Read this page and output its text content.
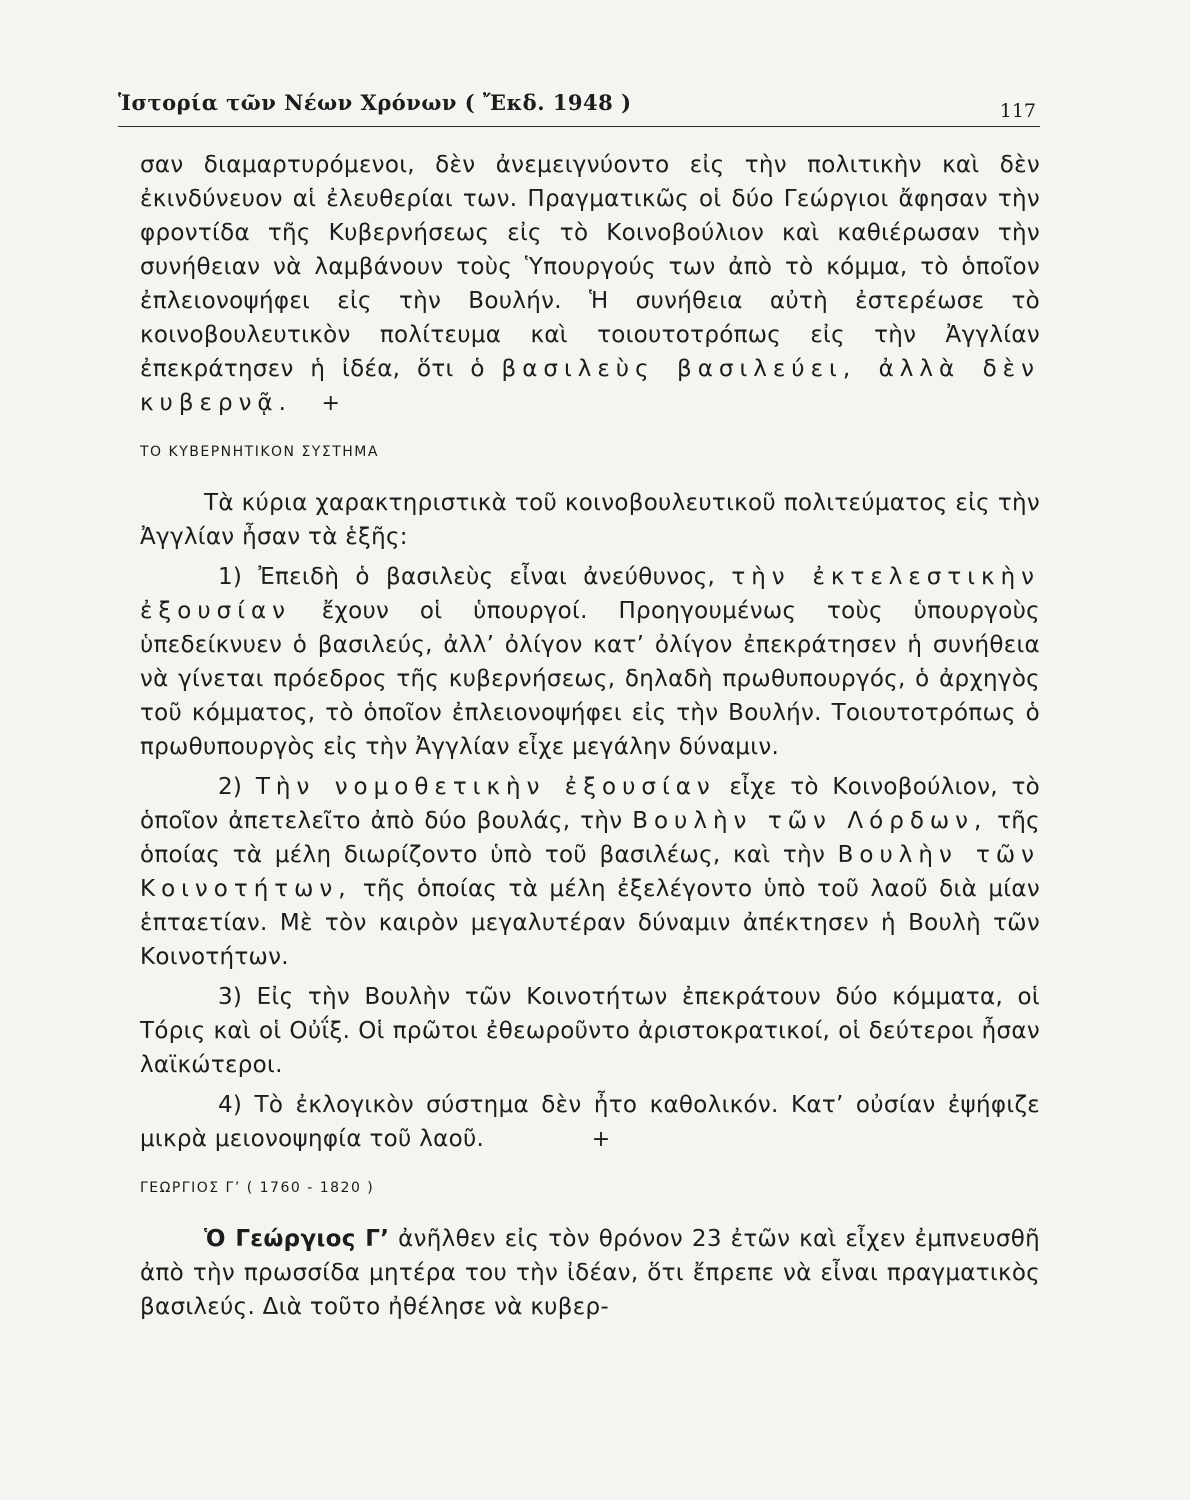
Ἱστορία τῶν Νέων Χρόνων ( Ἔκδ. 1948 )	117

σαν διαμαρτυρόμενοι, δὲν ἀνεμειγνύοντο εἰς τὴν πολιτικὴν καὶ δὲν ἐκινδύνευον αἱ ἐλευθερίαι των. Πραγματικῶς οἱ δύο Γεώργιοι ἄφησαν τὴν φροντίδα τῆς Κυβερνήσεως εἰς τὸ Κοινοβούλιον καὶ καθιέρωσαν τὴν συνήθειαν νὰ λαμβάνουν τοὺς Ὑπουργούς των ἀπὸ τὸ κόμμα, τὸ ὁποῖον ἐπλειονοψήφει εἰς τὴν Βουλήν. Ἡ συνήθεια αὐτὴ ἐστερέωσε τὸ κοινοβουλευτικὸν πολίτευμα καὶ τοιουτοτρόπως εἰς τὴν Ἀγγλίαν ἐπεκράτησεν ἡ ἰδέα, ὅτι ὁ βασιλεὺς βασιλεύει, ἀλλὰ δὲν κυβερνᾷ. +

ΤΟ ΚΥΒΕΡΝΗΤΙΚΟΝ ΣΥΣΤΗΜΑ

Τὰ κύρια χαρακτηριστικὰ τοῦ κοινοβουλευτικοῦ πολιτεύματος εἰς τὴν Ἀγγλίαν ἦσαν τὰ ἑξῆς:

1) Ἐπειδὴ ὁ βασιλεὺς εἶναι ἀνεύθυνος, τὴν ἐκτελεστικὴν ἐξουσίαν ἔχουν οἱ ὑπουργοί. Προηγουμένως τοὺς ὑπουργοὺς ὑπεδείκνυεν ὁ βασιλεύς, ἀλλ’ ὀλίγον κατ’ ὀλίγον ἐπεκράτησεν ἡ συνήθεια νὰ γίνεται πρόεδρος τῆς κυβερνήσεως, δηλαδὴ πρωθυπουργός, ὁ ἀρχηγὸς τοῦ κόμματος, τὸ ὁποῖον ἐπλειονοψήφει εἰς τὴν Βουλήν. Τοιουτοτρόπως ὁ πρωθυπουργὸς εἰς τὴν Ἀγγλίαν εἶχε μεγάλην δύναμιν.

2) Τὴν νομοθετικὴν ἐξουσίαν εἶχε τὸ Κοινοβούλιον, τὸ ὁποῖον ἀπετελεῖτο ἀπὸ δύο βουλάς, τὴν Βουλὴν τῶν Λόρδων, τῆς ὁποίας τὰ μέλη διωρίζοντο ὑπὸ τοῦ βασιλέως, καὶ τὴν Βουλὴν τῶν Κοινοτήτων, τῆς ὁποίας τὰ μέλη ἐξελέγοντο ὑπὸ τοῦ λαοῦ διὰ μίαν ἑπταετίαν. Μὲ τὸν καιρὸν μεγαλυτέραν δύναμιν ἀπέκτησεν ἡ Βουλὴ τῶν Κοινοτήτων.

3) Εἰς τὴν Βουλὴν τῶν Κοινοτήτων ἐπεκράτουν δύο κόμματα, οἱ Τόρις καὶ οἱ Οὐΐξ. Οἱ πρῶτοι ἐθεωροῦντο ἀριστοκρατικοί, οἱ δεύτεροι ἦσαν λαϊκώτεροι.

4) Τὸ ἐκλογικὸν σύστημα δὲν ἦτο καθολικόν. Κατ’ οὐσίαν ἐψήφιζε μικρὰ μειονοψηφία τοῦ λαοῦ.	+

ΓΕΩΡΓΙΟΣ Γ’ ( 1760 - 1820 )

Ὁ Γεώργιος Γ’ ἀνῆλθεν εἰς τὸν θρόνον 23 ἐτῶν καὶ εἶχεν ἐμπνευσθῆ ἀπὸ τὴν πρωσσίδα μητέρα του τὴν ἰδέαν, ὅτι ἔπρεπε νὰ εἶναι πραγματικὸς βασιλεύς. Διὰ τοῦτο ἠθέλησε νὰ κυβερ-
